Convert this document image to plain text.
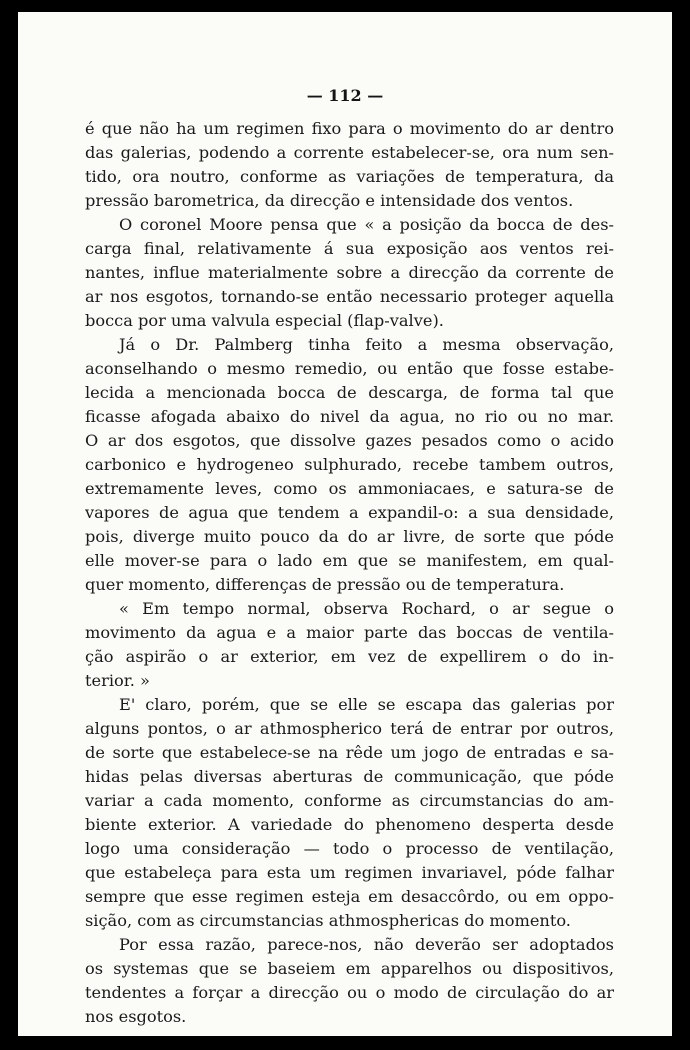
— 112 —
é que não ha um regimen fixo para o movimento do ar dentro
das galerias, podendo a corrente estabelecer-se, ora num sen-
tido, ora noutro, conforme as variações de temperatura, da
pressão barometrica, da direcção e intensidade dos ventos.
O coronel Moore pensa que « a posição da bocca de des-
carga final, relativamente á sua exposição aos ventos rei-
nantes, influe materialmente sobre a direcção da corrente de
ar nos esgotos, tornando-se então necessario proteger aquella
bocca por uma valvula especial (flap-valve).
Já o Dr. Palmberg tinha feito a mesma observação,
aconselhando o mesmo remedio, ou então que fosse estabe-
lecida a mencionada bocca de descarga, de forma tal que
ficasse afogada abaixo do nivel da agua, no rio ou no mar.
O ar dos esgotos, que dissolve gazes pesados como o acido
carbonico e hydrogeneo sulphurado, recebe tambem outros,
extremamente leves, como os ammoniacaes, e satura-se de
vapores de agua que tendem a expandil-o: a sua densidade,
pois, diverge muito pouco da do ar livre, de sorte que póde
elle mover-se para o lado em que se manifestem, em qual-
quer momento, differenças de pressão ou de temperatura.
« Em tempo normal, observa Rochard, o ar segue o
movimento da agua e a maior parte das boccas de ventila-
ção aspirão o ar exterior, em vez de expellirem o do in-
terior. »
E' claro, porém, que se elle se escapa das galerias por
alguns pontos, o ar athmospherico terá de entrar por outros,
de sorte que estabelece-se na rêde um jogo de entradas e sa-
hidas pelas diversas aberturas de communicação, que póde
variar a cada momento, conforme as circumstancias do am-
biente exterior. A variedade do phenomeno desperta desde
logo uma consideração — todo o processo de ventilação,
que estabeleça para esta um regimen invariavel, póde falhar
sempre que esse regimen esteja em desaccôrdo, ou em oppo-
sição, com as circumstancias athmosphericas do momento.
Por essa razão, parece-nos, não deverão ser adoptados
os systemas que se baseiem em apparelhos ou dispositivos,
tendentes a forçar a direcção ou o modo de circulação do ar
nos esgotos.
